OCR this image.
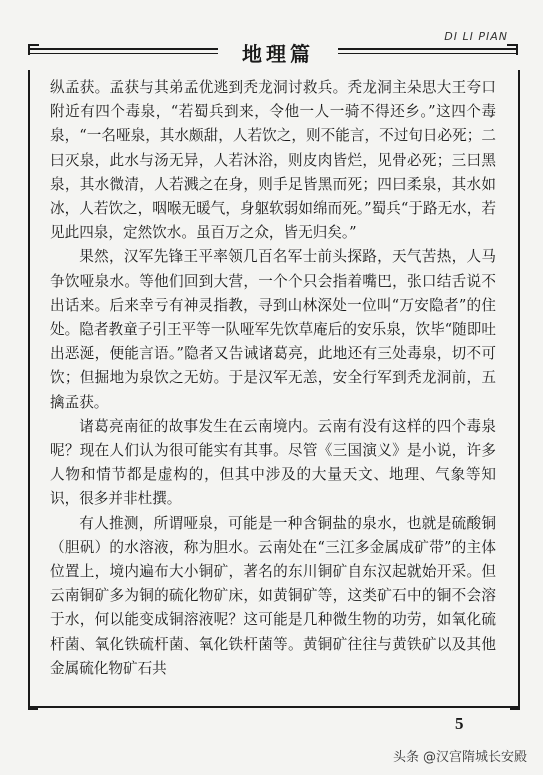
地理篇
DI LI PIAN

纵孟获。孟获与其弟孟优逃到秃龙洞讨救兵。秃龙洞主朵思大王夸口附近有四个毒泉，“若蜀兵到来，令他一人一骑不得还乡。”这四个毒泉，“一名哑泉，其水颇甜，人若饮之，则不能言，不过旬日必死；二曰灭泉，此水与汤无异，人若沐浴，则皮肉皆烂，见骨必死；三曰黑泉，其水微清，人若溅之在身，则手足皆黑而死；四曰柔泉，其水如冰，人若饮之，咽喉无暖气，身躯软弱如绵而死。”蜀兵“于路无水，若见此四泉，定然饮水。虽百万之众，皆无归矣。”

果然，汉军先锋王平率领几百名军士前头探路，天气苦热，人马争饮哑泉水。等他们回到大营，一个个只会指着嘴巴，张口结舌说不出话来。后来幸亏有神灵指教，寻到山林深处一位叫“万安隐者”的住处。隐者教童子引王平等一队哑军先饮草庵后的安乐泉，饮毕“随即吐出恶涎，便能言语。”隐者又告诫诸葛亮，此地还有三处毒泉，切不可饮；但掘地为泉饮之无妨。于是汉军无恙，安全行军到秃龙洞前，五擒孟获。

诸葛亮南征的故事发生在云南境内。云南有没有这样的四个毒泉呢？现在人们认为很可能实有其事。尽管《三国演义》是小说，许多人物和情节都是虚构的，但其中涉及的大量天文、地理、气象等知识，很多并非杜撰。

有人推测，所谓哑泉，可能是一种含铜盐的泉水，也就是硫酸铜（胆矾）的水溶液，称为胆水。云南处在“三江多金属成矿带”的主体位置上，境内遍布大小铜矿，著名的东川铜矿自东汉起就始开采。但云南铜矿多为铜的硫化物矿床，如黄铜矿等，这类矿石中的铜不会溶于水，何以能变成铜溶液呢？这可能是几种微生物的功劳，如氧化硫杆菌、氧化铁硫杆菌、氧化铁杆菌等。黄铜矿往往与黄铁矿以及其他金属硫化物矿石共

5
头条 @汉宫隋城长安殿
